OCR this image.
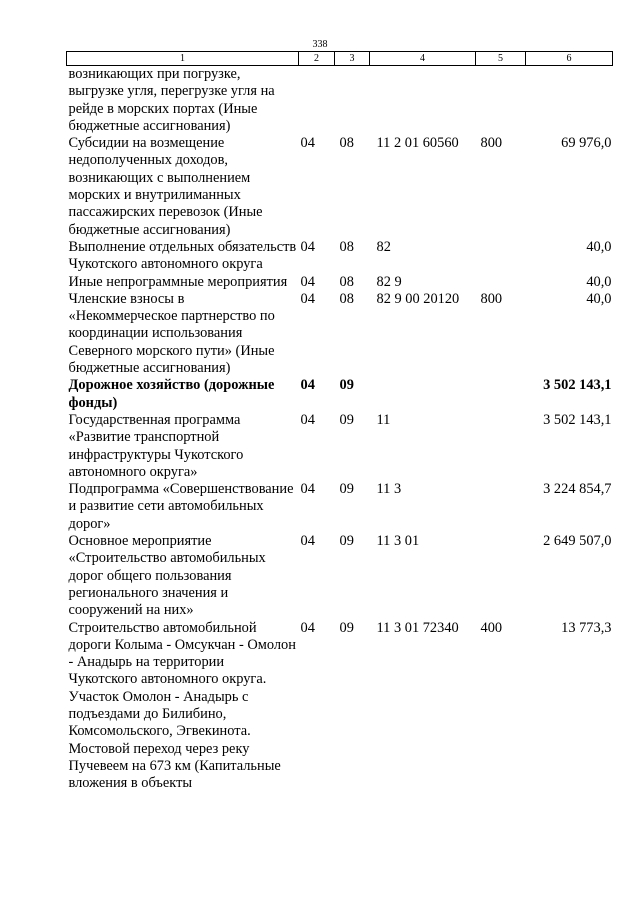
338
1	2	3	4	5	6
возникающих при погрузке, выгрузке угля, перегрузке угля на рейде в морских портах (Иные бюджетные ассигнования)					
Субсидии на возмещение недополученных доходов, возникающих с выполнением морских и внутрилиманных пассажирских перевозок (Иные бюджетные ассигнования)	04	08	11 2 01 60560	800	69 976,0
Выполнение отдельных обязательств Чукотского автономного округа	04	08	82		40,0
Иные непрограммные мероприятия	04	08	82 9		40,0
Членские взносы в «Некоммерческое партнерство по координации использования Северного морского пути» (Иные бюджетные ассигнования)	04	08	82 9 00 20120	800	40,0
Дорожное хозяйство (дорожные фонды)	04	09			3 502 143,1
Государственная программа «Развитие транспортной инфраструктуры Чукотского автономного округа»	04	09	11		3 502 143,1
Подпрограмма «Совершенствование и развитие сети автомобильных дорог»	04	09	11 3		3 224 854,7
Основное мероприятие «Строительство автомобильных дорог общего пользования регионального значения и сооружений на них»	04	09	11 3 01		2 649 507,0
Строительство автомобильной дороги Колыма - Омсукчан - Омолон - Анадырь на территории Чукотского автономного округа. Участок Омолон - Анадырь с подъездами до Билибино, Комсомольского, Эгвекинота. Мостовой переход через реку Пучевеем на 673 км (Капитальные вложения в объекты	04	09	11 3 01 72340	400	13 773,3
